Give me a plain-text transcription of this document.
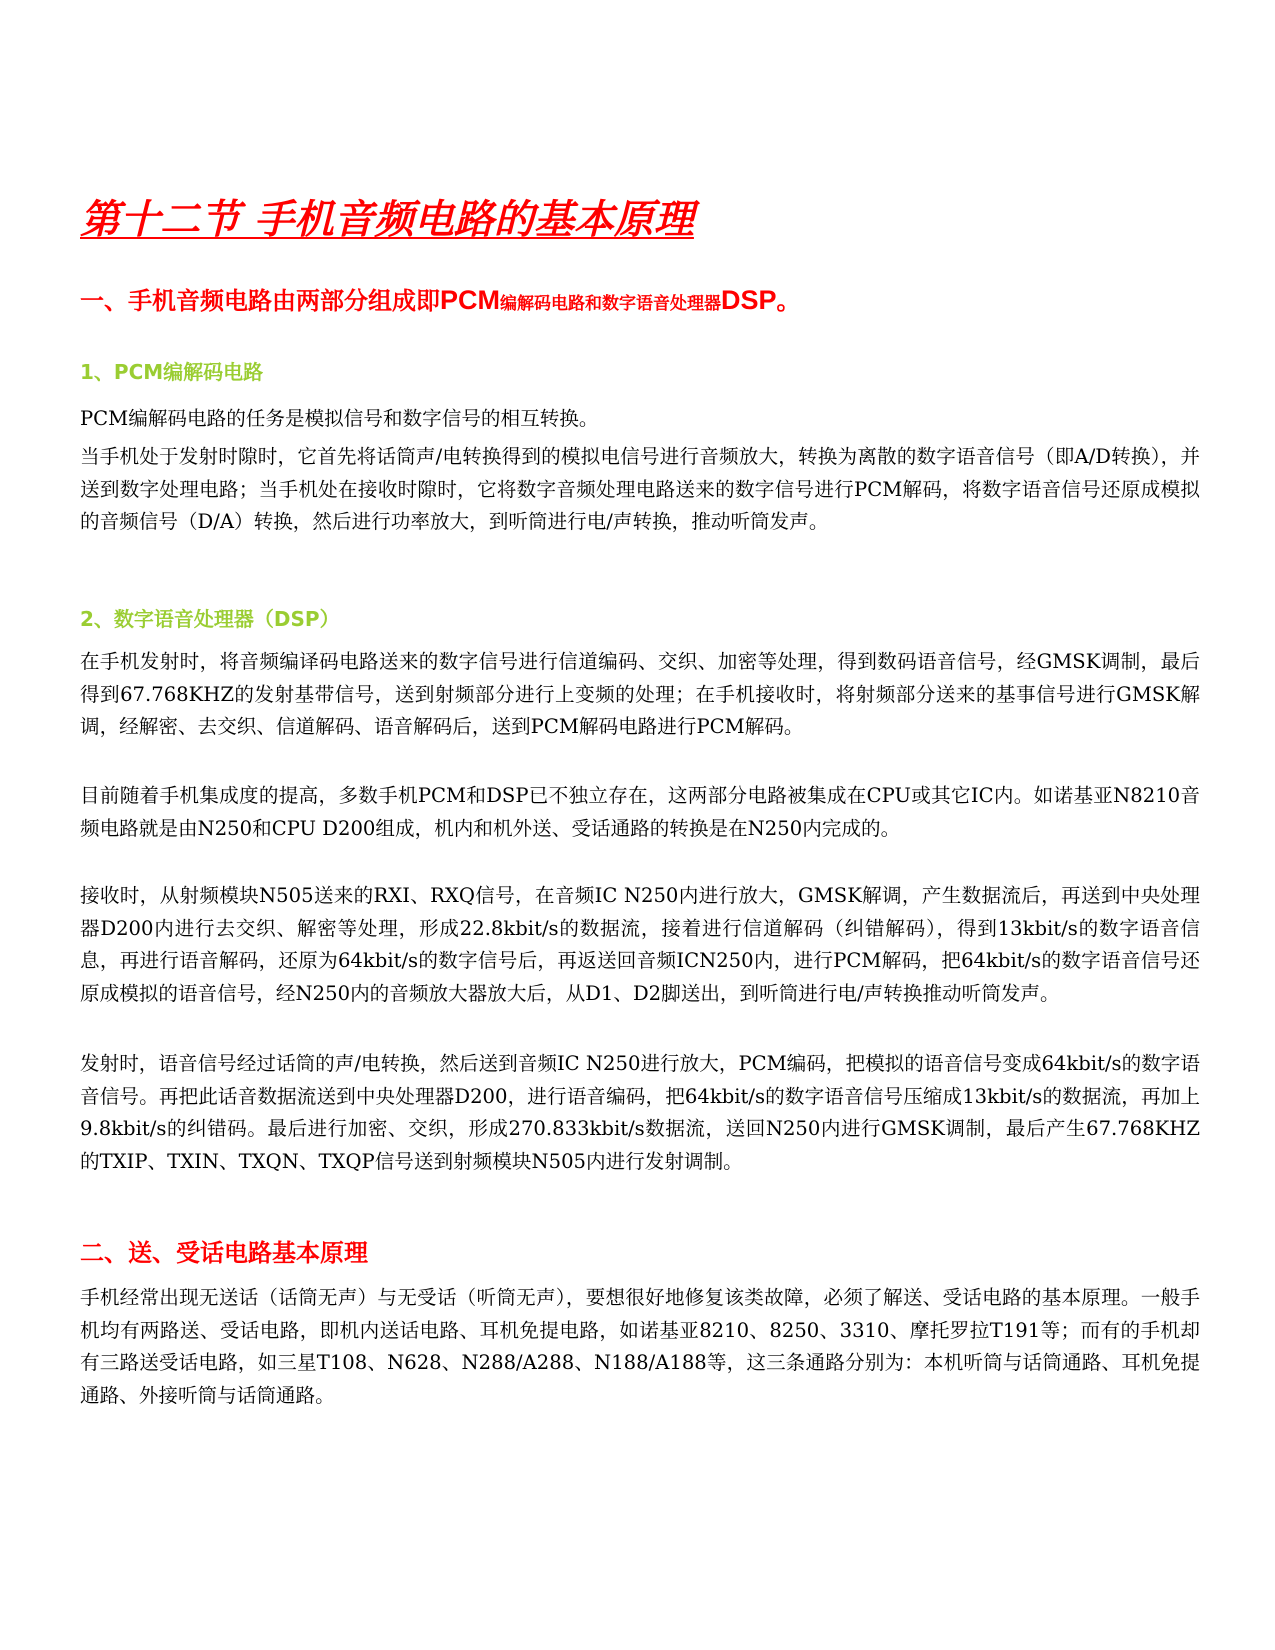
第十二节 手机音频电路的基本原理
一、手机音频电路由两部分组成即PCM编解码电路和数字语音处理器DSP。
1、PCM编解码电路

PCM编解码电路的任务是模拟信号和数字信号的相互转换。

当手机处于发射时隙时，它首先将话筒声/电转换得到的模拟电信号进行音频放大，转换为离散的数字语音信号（即A/D转换），并送到数字处理电路；当手机处在接收时隙时，它将数字音频处理电路送来的数字信号进行PCM解码，将数字语音信号还原成模拟的音频信号（D/A）转换，然后进行功率放大，到听筒进行电/声转换，推动听筒发声。

2、数字语音处理器（DSP）

在手机发射时，将音频编译码电路送来的数字信号进行信道编码、交织、加密等处理，得到数码语音信号，经GMSK调制，最后得到67.768KHZ的发射基带信号，送到射频部分进行上变频的处理；在手机接收时，将射频部分送来的基事信号进行GMSK解调，经解密、去交织、信道解码、语音解码后，送到PCM解码电路进行PCM解码。

目前随着手机集成度的提高，多数手机PCM和DSP已不独立存在，这两部分电路被集成在CPU或其它IC内。如诺基亚N8210音频电路就是由N250和CPU D200组成，机内和机外送、受话通路的转换是在N250内完成的。

接收时，从射频模块N505送来的RXI、RXQ信号，在音频IC N250内进行放大，GMSK解调，产生数据流后，再送到中央处理器D200内进行去交织、解密等处理，形成22.8kbit/s的数据流，接着进行信道解码（纠错解码），得到13kbit/s的数字语音信息，再进行语音解码，还原为64kbit/s的数字信号后，再返送回音频ICN250内，进行PCM解码，把64kbit/s的数字语音信号还原成模拟的语音信号，经N250内的音频放大器放大后，从D1、D2脚送出，到听筒进行电/声转换推动听筒发声。

发射时，语音信号经过话筒的声/电转换，然后送到音频IC N250进行放大，PCM编码，把模拟的语音信号变成64kbit/s的数字语音信号。再把此话音数据流送到中央处理器D200，进行语音编码，把64kbit/s的数字语音信号压缩成13kbit/s的数据流，再加上9.8kbit/s的纠错码。最后进行加密、交织，形成270.833kbit/s数据流，送回N250内进行GMSK调制，最后产生67.768KHZ的TXIP、TXIN、TXQN、TXQP信号送到射频模块N505内进行发射调制。

二、送、受话电路基本原理

手机经常出现无送话（话筒无声）与无受话（听筒无声），要想很好地修复该类故障，必须了解送、受话电路的基本原理。一般手机均有两路送、受话电路，即机内送话电路、耳机免提电路，如诺基亚8210、8250、3310、摩托罗拉T191等；而有的手机却有三路送受话电路，如三星T108、N628、N288/A288、N188/A188等，这三条通路分别为：本机听筒与话筒通路、耳机免提通路、外接听筒与话筒通路。
